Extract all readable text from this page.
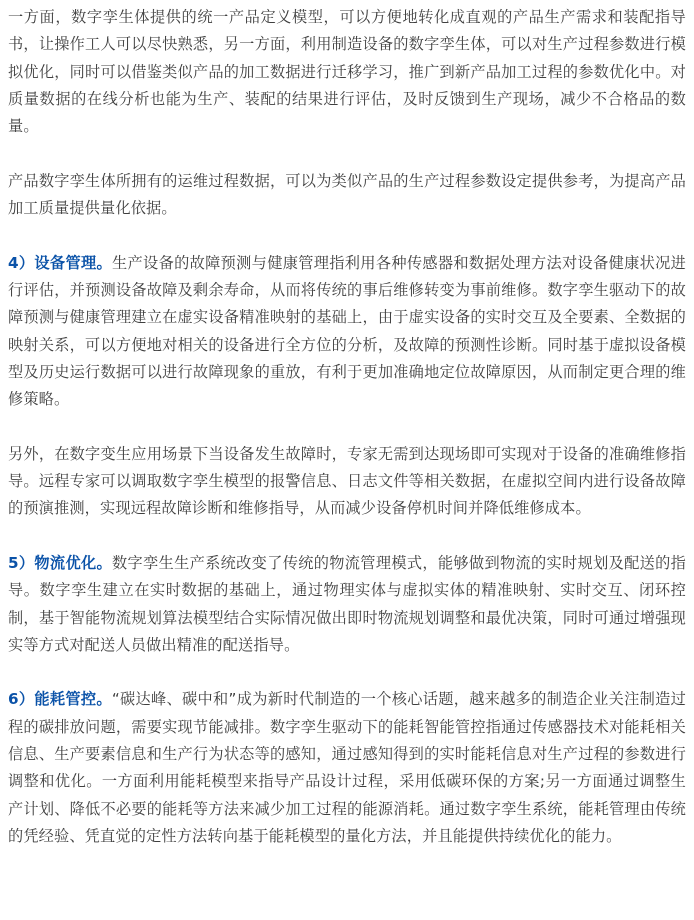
一方面，数字孪生体提供的统一产品定义模型，可以方便地转化成直观的产品生产需求和装配指导书，让操作工人可以尽快熟悉，另一方面，利用制造设备的数字孪生体，可以对生产过程参数进行模拟优化，同时可以借鉴类似产品的加工数据进行迁移学习，推广到新产品加工过程的参数优化中。对质量数据的在线分析也能为生产、装配的结果进行评估，及时反馈到生产现场，减少不合格品的数量。

产品数字孪生体所拥有的运维过程数据，可以为类似产品的生产过程参数设定提供参考，为提高产品加工质量提供量化依据。

4）设备管理。生产设备的故障预测与健康管理指利用各种传感器和数据处理方法对设备健康状况进行评估，并预测设备故障及剩余寿命，从而将传统的事后维修转变为事前维修。数字孪生驱动下的故障预测与健康管理建立在虚实设备精准映射的基础上，由于虚实设备的实时交互及全要素、全数据的映射关系，可以方便地对相关的设备进行全方位的分析，及故障的预测性诊断。同时基于虚拟设备模型及历史运行数据可以进行故障现象的重放，有利于更加准确地定位故障原因，从而制定更合理的维修策略。

另外，在数字变生应用场景下当设备发生故障时，专家无需到达现场即可实现对于设备的准确维修指导。远程专家可以调取数字孪生模型的报警信息、日志文件等相关数据，在虚拟空间内进行设备故障的预演推测，实现远程故障诊断和维修指导，从而减少设备停机时间并降低维修成本。

5）物流优化。数字孪生生产系统改变了传统的物流管理模式，能够做到物流的实时规划及配送的指导。数字孪生建立在实时数据的基础上，通过物理实体与虚拟实体的精准映射、实时交互、闭环控制，基于智能物流规划算法模型结合实际情况做出即时物流规划调整和最优决策，同时可通过增强现实等方式对配送人员做出精准的配送指导。

6）能耗管控。“碳达峰、碳中和”成为新时代制造的一个核心话题，越来越多的制造企业关注制造过程的碳排放问题，需要实现节能减排。数字孪生驱动下的能耗智能管控指通过传感器技术对能耗相关信息、生产要素信息和生产行为状态等的感知，通过感知得到的实时能耗信息对生产过程的参数进行调整和优化。一方面利用能耗模型来指导产品设计过程，采用低碳环保的方案;另一方面通过调整生产计划、降低不必要的能耗等方法来减少加工过程的能源消耗。通过数字孪生系统，能耗管理由传统的凭经验、凭直觉的定性方法转向基于能耗模型的量化方法，并且能提供持续优化的能力。
